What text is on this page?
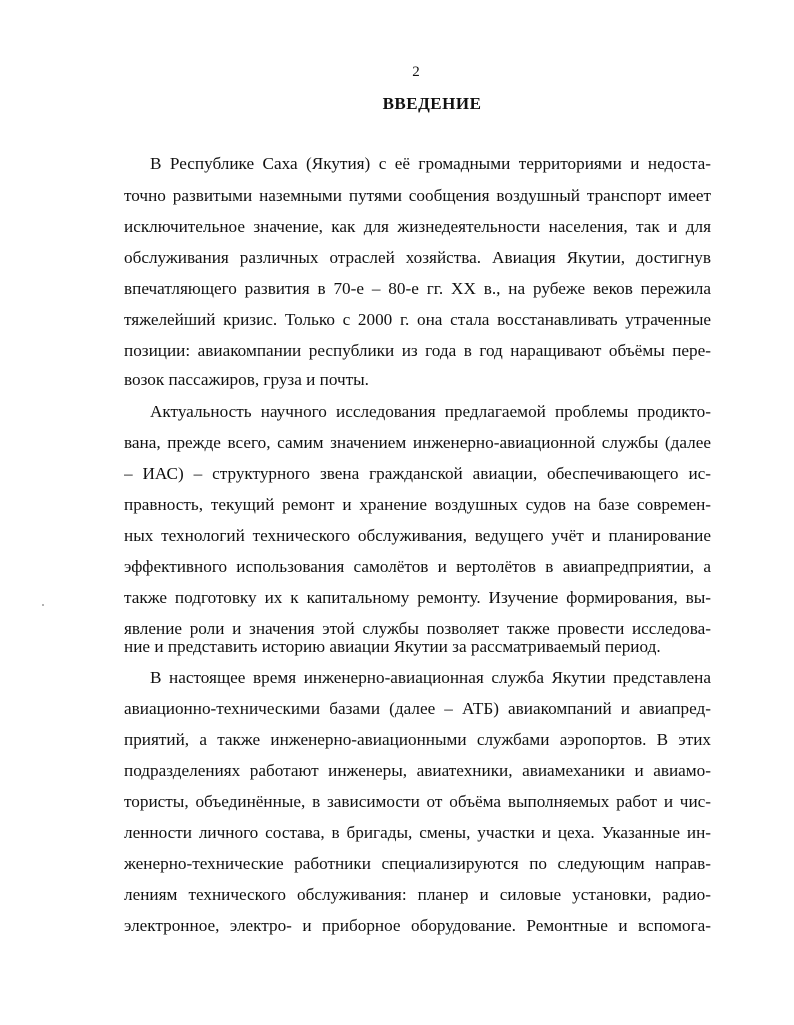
2
ВВЕДЕНИЕ
В Республике Саха (Якутия) с её громадными территориями и недоста-
точно развитыми наземными путями сообщения воздушный транспорт имеет
исключительное значение, как для жизнедеятельности населения, так и для
обслуживания различных отраслей хозяйства. Авиация Якутии, достигнув
впечатляющего развития в 70-е – 80-е гг. XX в., на рубеже веков пережила
тяжелейший кризис. Только с 2000 г. она стала восстанавливать утраченные
позиции: авиакомпании республики из года в год наращивают объёмы пере-
возок пассажиров, груза и почты.
Актуальность научного исследования предлагаемой проблемы продикто-
вана, прежде всего, самим значением инженерно-авиационной службы (далее
– ИАС) – структурного звена гражданской авиации, обеспечивающего ис-
правность, текущий ремонт и хранение воздушных судов на базе современ-
ных технологий технического обслуживания, ведущего учёт и планирование
эффективного использования самолётов и вертолётов в авиапредприятии, а
также подготовку их к капитальному ремонту. Изучение формирования, вы-
явление роли и значения этой службы позволяет также провести исследова-
ние и представить историю авиации Якутии за рассматриваемый период.
В настоящее время инженерно-авиационная служба Якутии представлена
авиационно-техническими базами (далее – АТБ) авиакомпаний и авиапред-
приятий, а также инженерно-авиационными службами аэропортов. В этих
подразделениях работают инженеры, авиатехники, авиамеханики и авиамо-
тористы, объединённые, в зависимости от объёма выполняемых работ и чис-
ленности личного состава, в бригады, смены, участки и цеха. Указанные ин-
женерно-технические работники специализируются по следующим направ-
лениям технического обслуживания: планер и силовые установки, радио-
электронное, электро- и приборное оборудование. Ремонтные и вспомога-
